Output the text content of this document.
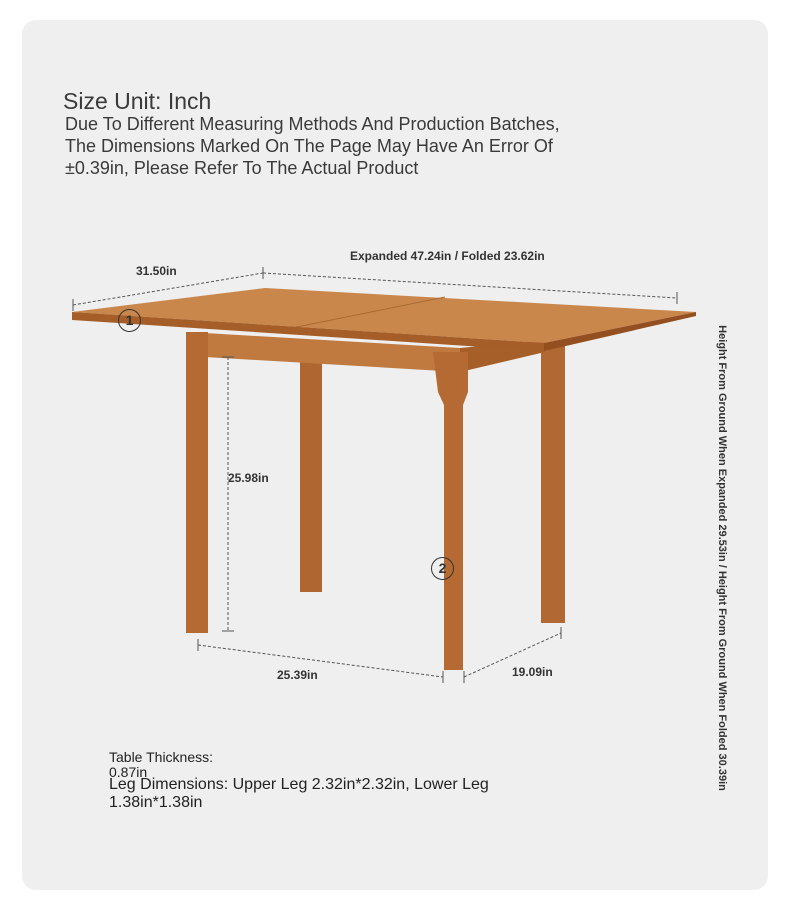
Size Unit: Inch
Due To Different Measuring Methods And Production Batches,
The Dimensions Marked On The Page May Have An Error Of
±0.39in, Please Refer To The Actual Product
31.50in
Expanded 47.24in / Folded 23.62in
25.98in
25.39in	19.09in	Height From Ground When Expanded 29.53in / Height From Ground When Folded 30.39in
1
2
Table Thickness:
0.87in
Leg Dimensions: Upper Leg 2.32in*2.32in, Lower Leg
1.38in*1.38in
